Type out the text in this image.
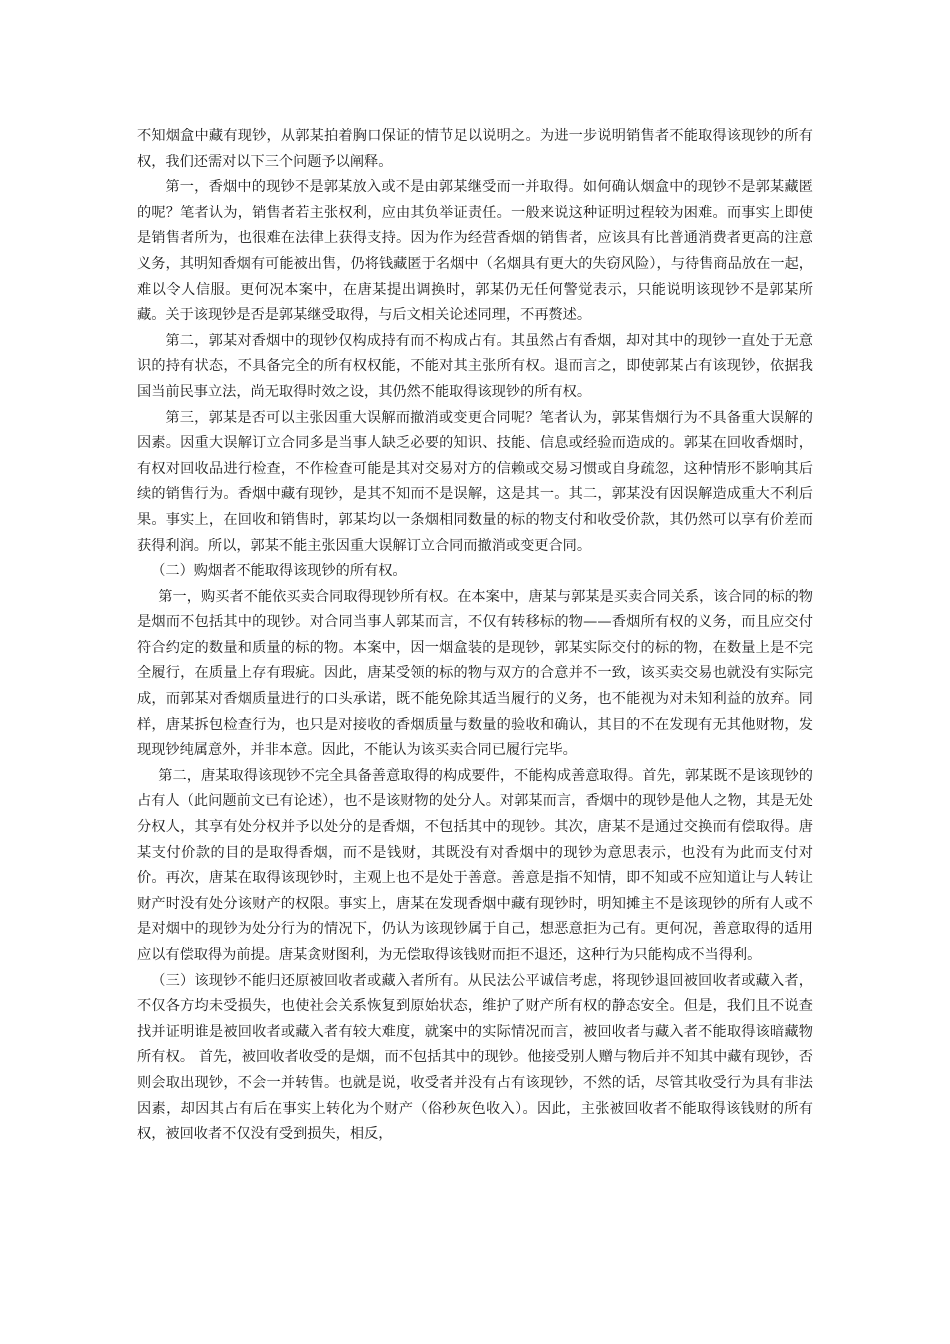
不知烟盒中藏有现钞，从郭某拍着胸口保证的情节足以说明之。为进一步说明销售者不能取得该现钞的所有权，我们还需对以下三个问题予以阐释。

第一，香烟中的现钞不是郭某放入或不是由郭某继受而一并取得。如何确认烟盒中的现钞不是郭某藏匿的呢？笔者认为，销售者若主张权利，应由其负举证责任。一般来说这种证明过程较为困难。而事实上即使是销售者所为，也很难在法律上获得支持。因为作为经营香烟的销售者，应该具有比普通消费者更高的注意义务，其明知香烟有可能被出售，仍将钱藏匿于名烟中（名烟具有更大的失窃风险），与待售商品放在一起，难以令人信服。更何况本案中，在唐某提出调换时，郭某仍无任何警觉表示，只能说明该现钞不是郭某所藏。关于该现钞是否是郭某继受取得，与后文相关论述同理，不再赘述。

第二，郭某对香烟中的现钞仅构成持有而不构成占有。其虽然占有香烟，却对其中的现钞一直处于无意识的持有状态，不具备完全的所有权权能，不能对其主张所有权。退而言之，即使郭某占有该现钞，依据我国当前民事立法，尚无取得时效之设，其仍然不能取得该现钞的所有权。

第三，郭某是否可以主张因重大误解而撤消或变更合同呢？笔者认为，郭某售烟行为不具备重大误解的因素。因重大误解订立合同多是当事人缺乏必要的知识、技能、信息或经验而造成的。郭某在回收香烟时，有权对回收品进行检查，不作检查可能是其对交易对方的信赖或交易习惯或自身疏忽，这种情形不影响其后续的销售行为。香烟中藏有现钞，是其不知而不是误解，这是其一。其二，郭某没有因误解造成重大不利后果。事实上，在回收和销售时，郭某均以一条烟相同数量的标的物支付和收受价款，其仍然可以享有价差而获得利润。所以，郭某不能主张因重大误解订立合同而撤消或变更合同。

（二）购烟者不能取得该现钞的所有权。

第一，购买者不能依买卖合同取得现钞所有权。在本案中，唐某与郭某是买卖合同关系，该合同的标的物是烟而不包括其中的现钞。对合同当事人郭某而言，不仅有转移标的物——香烟所有权的义务，而且应交付符合约定的数量和质量的标的物。本案中，因一烟盒装的是现钞，郭某实际交付的标的物，在数量上是不完全履行，在质量上存有瑕疵。因此，唐某受领的标的物与双方的合意并不一致，该买卖交易也就没有实际完成，而郭某对香烟质量进行的口头承诺，既不能免除其适当履行的义务，也不能视为对未知利益的放弃。同样，唐某拆包检查行为，也只是对接收的香烟质量与数量的验收和确认，其目的不在发现有无其他财物，发现现钞纯属意外，并非本意。因此，不能认为该买卖合同已履行完毕。

第二，唐某取得该现钞不完全具备善意取得的构成要件，不能构成善意取得。首先，郭某既不是该现钞的占有人（此问题前文已有论述），也不是该财物的处分人。对郭某而言，香烟中的现钞是他人之物，其是无处分权人，其享有处分权并予以处分的是香烟，不包括其中的现钞。其次，唐某不是通过交换而有偿取得。唐某支付价款的目的是取得香烟，而不是钱财，其既没有对香烟中的现钞为意思表示，也没有为此而支付对价。再次，唐某在取得该现钞时，主观上也不是处于善意。善意是指不知情，即不知或不应知道让与人转让财产时没有处分该财产的权限。事实上，唐某在发现香烟中藏有现钞时，明知摊主不是该现钞的所有人或不是对烟中的现钞为处分行为的情况下，仍认为该现钞属于自己，想恶意拒为己有。更何况，善意取得的适用应以有偿取得为前提。唐某贪财图利，为无偿取得该钱财而拒不退还，这种行为只能构成不当得利。

（三）该现钞不能归还原被回收者或藏入者所有。从民法公平诚信考虑，将现钞退回被回收者或藏入者，不仅各方均未受损失，也使社会关系恢复到原始状态，维护了财产所有权的静态安全。但是，我们且不说查找并证明谁是被回收者或藏入者有较大难度，就案中的实际情况而言，被回收者与藏入者不能取得该暗藏物所有权。 首先，被回收者收受的是烟，而不包括其中的现钞。他接受别人赠与物后并不知其中藏有现钞，否则会取出现钞，不会一并转售。也就是说，收受者并没有占有该现钞，不然的话，尽管其收受行为具有非法因素，却因其占有后在事实上转化为个财产（俗秒灰色收入）。因此，主张被回收者不能取得该钱财的所有权，被回收者不仅没有受到损失，相反，
